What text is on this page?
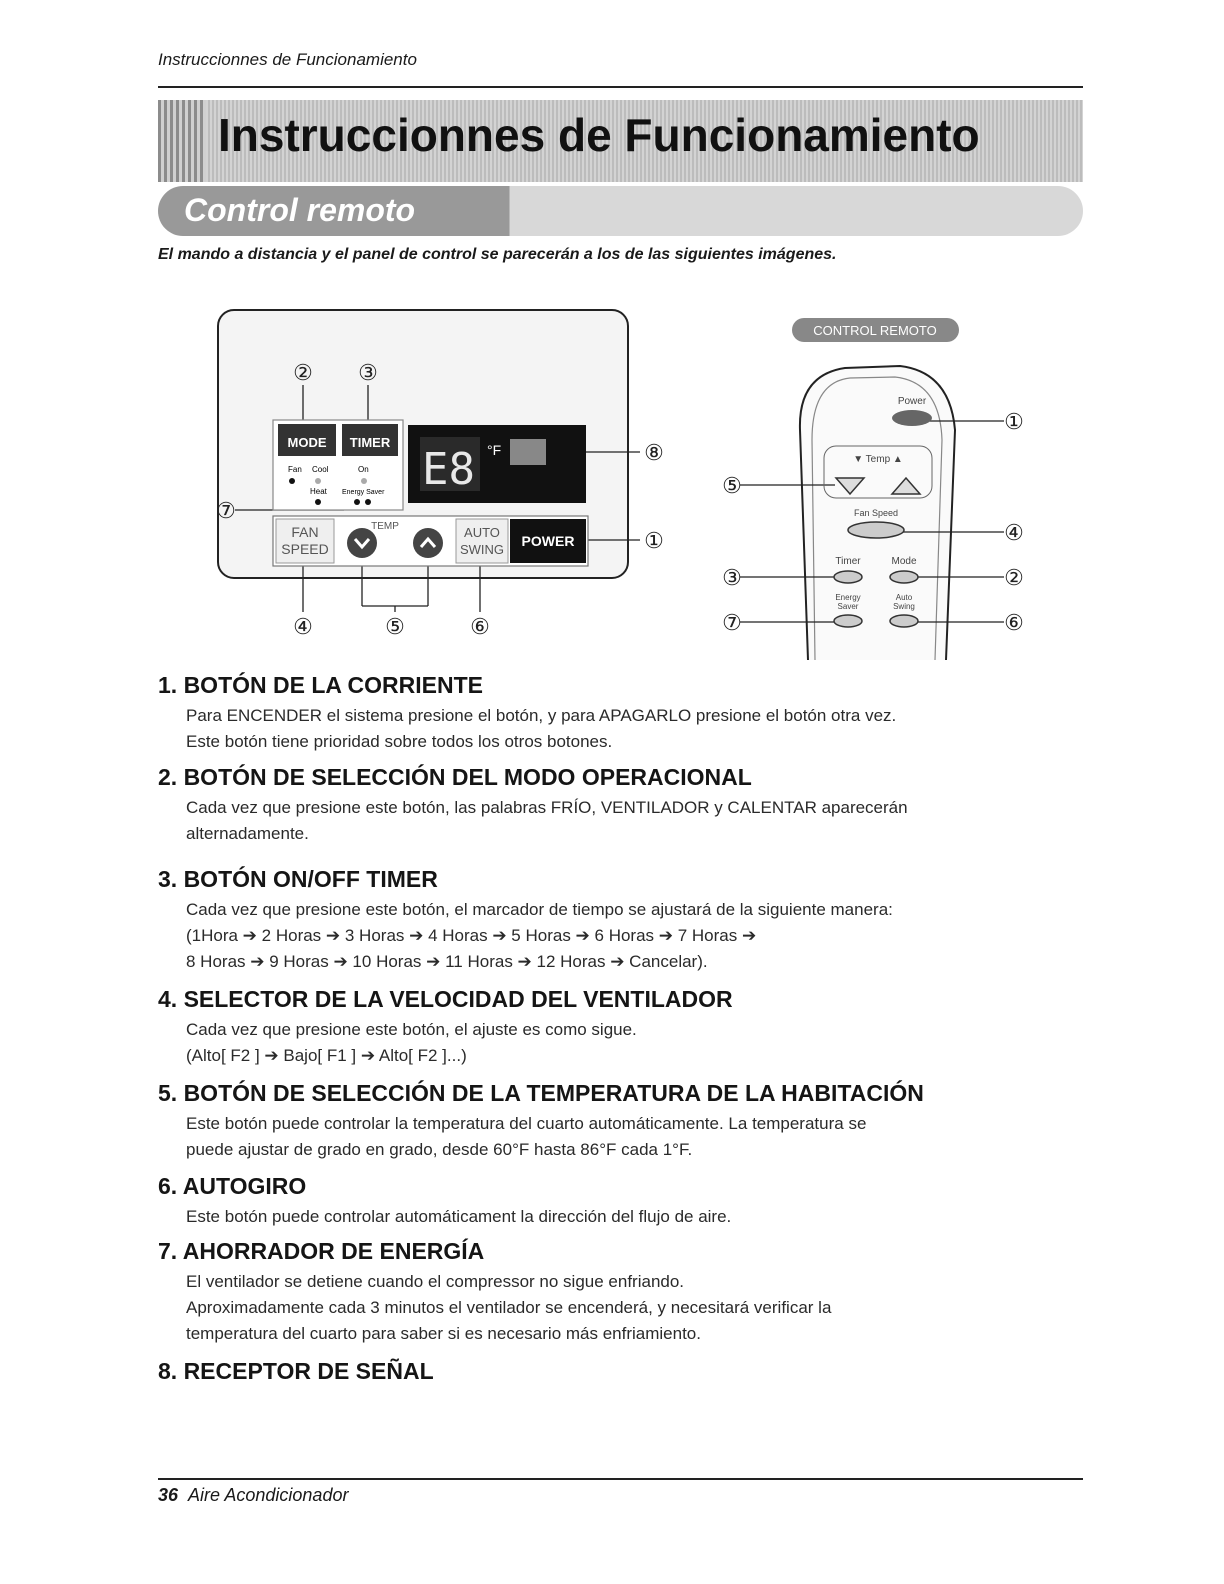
Instruccionnes de Funcionamiento
Instruccionnes de Funcionamiento
Control remoto
El mando a distancia y el panel de control se parecerán a los de las siguientes imágenes.
MODE TIMER
Fan Cool
Heat
On
Energy Saver E8 °F
FAN
SPEED
TEMP	AUTO
SWING
POWER
② ③
⑦
⑧
①
④	⑤	⑥
CONTROL REMOTO
Power
▼ Temp ▲
Fan Speed
Timer	Mode
Energy
Saver
Auto
Swing
①
⑤
④
③	②
⑦	⑥
1. BOTÓN DE LA CORRIENTE

Para ENCENDER el sistema presione el botón, y para APAGARLO presione el botón otra vez.
Este botón tiene prioridad sobre todos los otros botones.

2. BOTÓN DE SELECCIÓN DEL MODO OPERACIONAL

Cada vez que presione este botón, las palabras FRÍO, VENTILADOR y CALENTAR aparecerán
alternadamente.

3. BOTÓN ON/OFF TIMER

Cada vez que presione este botón, el marcador de tiempo se ajustará de la siguiente manera:
(1Hora ➔ 2 Horas ➔ 3 Horas ➔ 4 Horas ➔ 5 Horas ➔ 6 Horas ➔ 7 Horas ➔
8 Horas ➔ 9 Horas ➔ 10 Horas ➔ 11 Horas ➔ 12 Horas ➔ Cancelar).

4. SELECTOR DE LA VELOCIDAD DEL VENTILADOR

Cada vez que presione este botón, el ajuste es como sigue.
(Alto[ F2 ] ➔ Bajo[ F1 ] ➔ Alto[ F2 ]...)

5. BOTÓN DE SELECCIÓN DE LA TEMPERATURA DE LA HABITACIÓN

Este botón puede controlar la temperatura del cuarto automáticamente. La temperatura se
puede ajustar de grado en grado, desde 60°F hasta 86°F cada 1°F.

6. AUTOGIRO

Este botón puede controlar automáticament la dirección del flujo de aire.

7. AHORRADOR DE ENERGÍA

El ventilador se detiene cuando el compressor no sigue enfriando.
Aproximadamente cada 3 minutos el ventilador se encenderá, y necesitará verificar la
temperatura del cuarto para saber si es necesario más enfriamiento.

8. RECEPTOR DE SEÑAL
36 Aire Acondicionador
